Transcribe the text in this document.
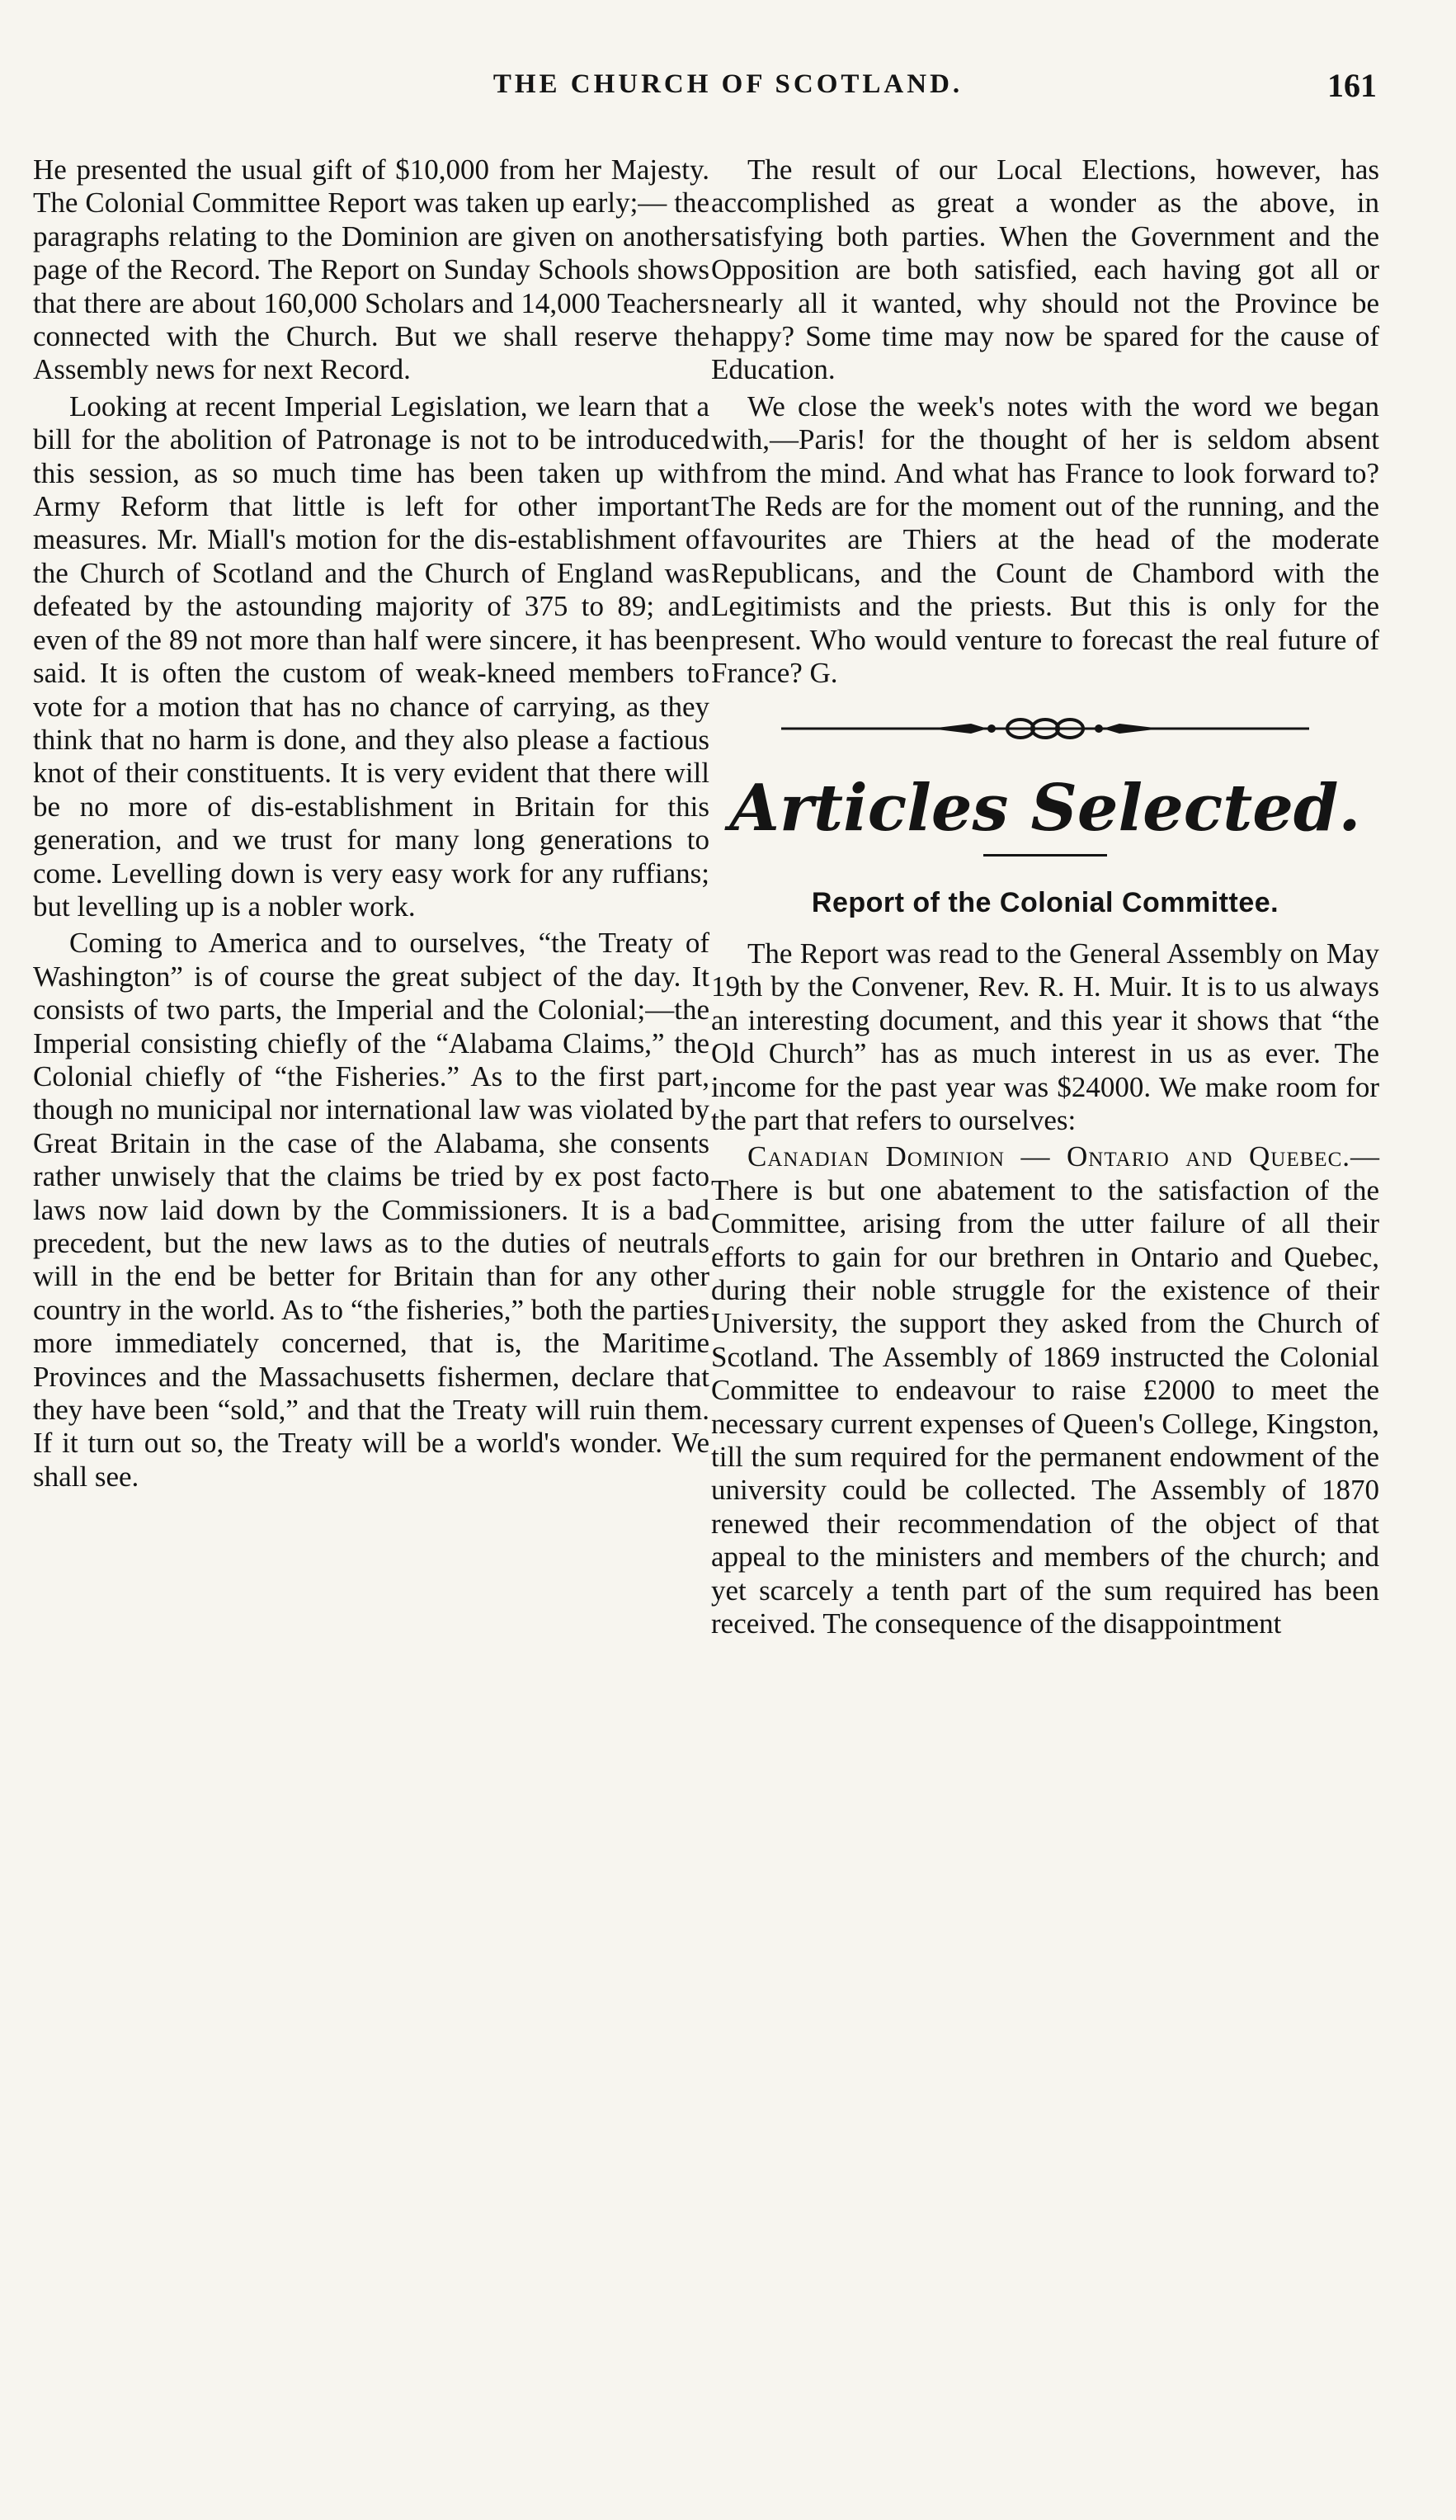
THE CHURCH OF SCOTLAND.	161

He presented the usual gift of $10,000 from her Majesty. The Colonial Committee Report was taken up early;— the paragraphs relating to the Dominion are given on another page of the Record. The Report on Sunday Schools shows that there are about 160,000 Scholars and 14,000 Teachers connected with the Church. But we shall reserve the Assembly news for next Record.

Looking at recent Imperial Legislation, we learn that a bill for the abolition of Patronage is not to be introduced this session, as so much time has been taken up with Army Reform that little is left for other important measures. Mr. Miall's motion for the dis-establishment of the Church of Scotland and the Church of England was defeated by the astounding majority of 375 to 89; and even of the 89 not more than half were sincere, it has been said. It is often the custom of weak-kneed members to vote for a motion that has no chance of carrying, as they think that no harm is done, and they also please a factious knot of their constituents. It is very evident that there will be no more of dis-establishment in Britain for this generation, and we trust for many long generations to come. Levelling down is very easy work for any ruffians; but levelling up is a nobler work.

Coming to America and to ourselves, “the Treaty of Washington” is of course the great subject of the day. It consists of two parts, the Imperial and the Colonial;—the Imperial consisting chiefly of the “Alabama Claims,” the Colonial chiefly of “the Fisheries.” As to the first part, though no municipal nor international law was violated by Great Britain in the case of the Alabama, she consents rather unwisely that the claims be tried by ex post facto laws now laid down by the Commissioners. It is a bad precedent, but the new laws as to the duties of neutrals will in the end be better for Britain than for any other country in the world. As to “the fisheries,” both the parties more immediately concerned, that is, the Maritime Provinces and the Massachusetts fishermen, declare that they have been “sold,” and that the Treaty will ruin them. If it turn out so, the Treaty will be a world's wonder. We shall see.

The result of our Local Elections, however, has accomplished as great a wonder as the above, in satisfying both parties. When the Government and the Opposition are both satisfied, each having got all or nearly all it wanted, why should not the Province be happy? Some time may now be spared for the cause of Education.

We close the week's notes with the word we began with,—Paris! for the thought of her is seldom absent from the mind. And what has France to look forward to? The Reds are for the moment out of the running, and the favourites are Thiers at the head of the moderate Republicans, and the Count de Chambord with the Legitimists and the priests. But this is only for the present. Who would venture to forecast the real future of France? G.

Articles Selected.
Report of the Colonial Committee.

The Report was read to the General Assembly on May 19th by the Convener, Rev. R. H. Muir. It is to us always an interesting document, and this year it shows that “the Old Church” has as much interest in us as ever. The income for the past year was $24000. We make room for the part that refers to ourselves:

Canadian Dominion — Ontario and Quebec.—There is but one abatement to the satisfaction of the Committee, arising from the utter failure of all their efforts to gain for our brethren in Ontario and Quebec, during their noble struggle for the existence of their University, the support they asked from the Church of Scotland. The Assembly of 1869 instructed the Colonial Committee to endeavour to raise £2000 to meet the necessary current expenses of Queen's College, Kingston, till the sum required for the permanent endowment of the university could be collected. The Assembly of 1870 renewed their recommendation of the object of that appeal to the ministers and members of the church; and yet scarcely a tenth part of the sum required has been received. The consequence of the disappointment
